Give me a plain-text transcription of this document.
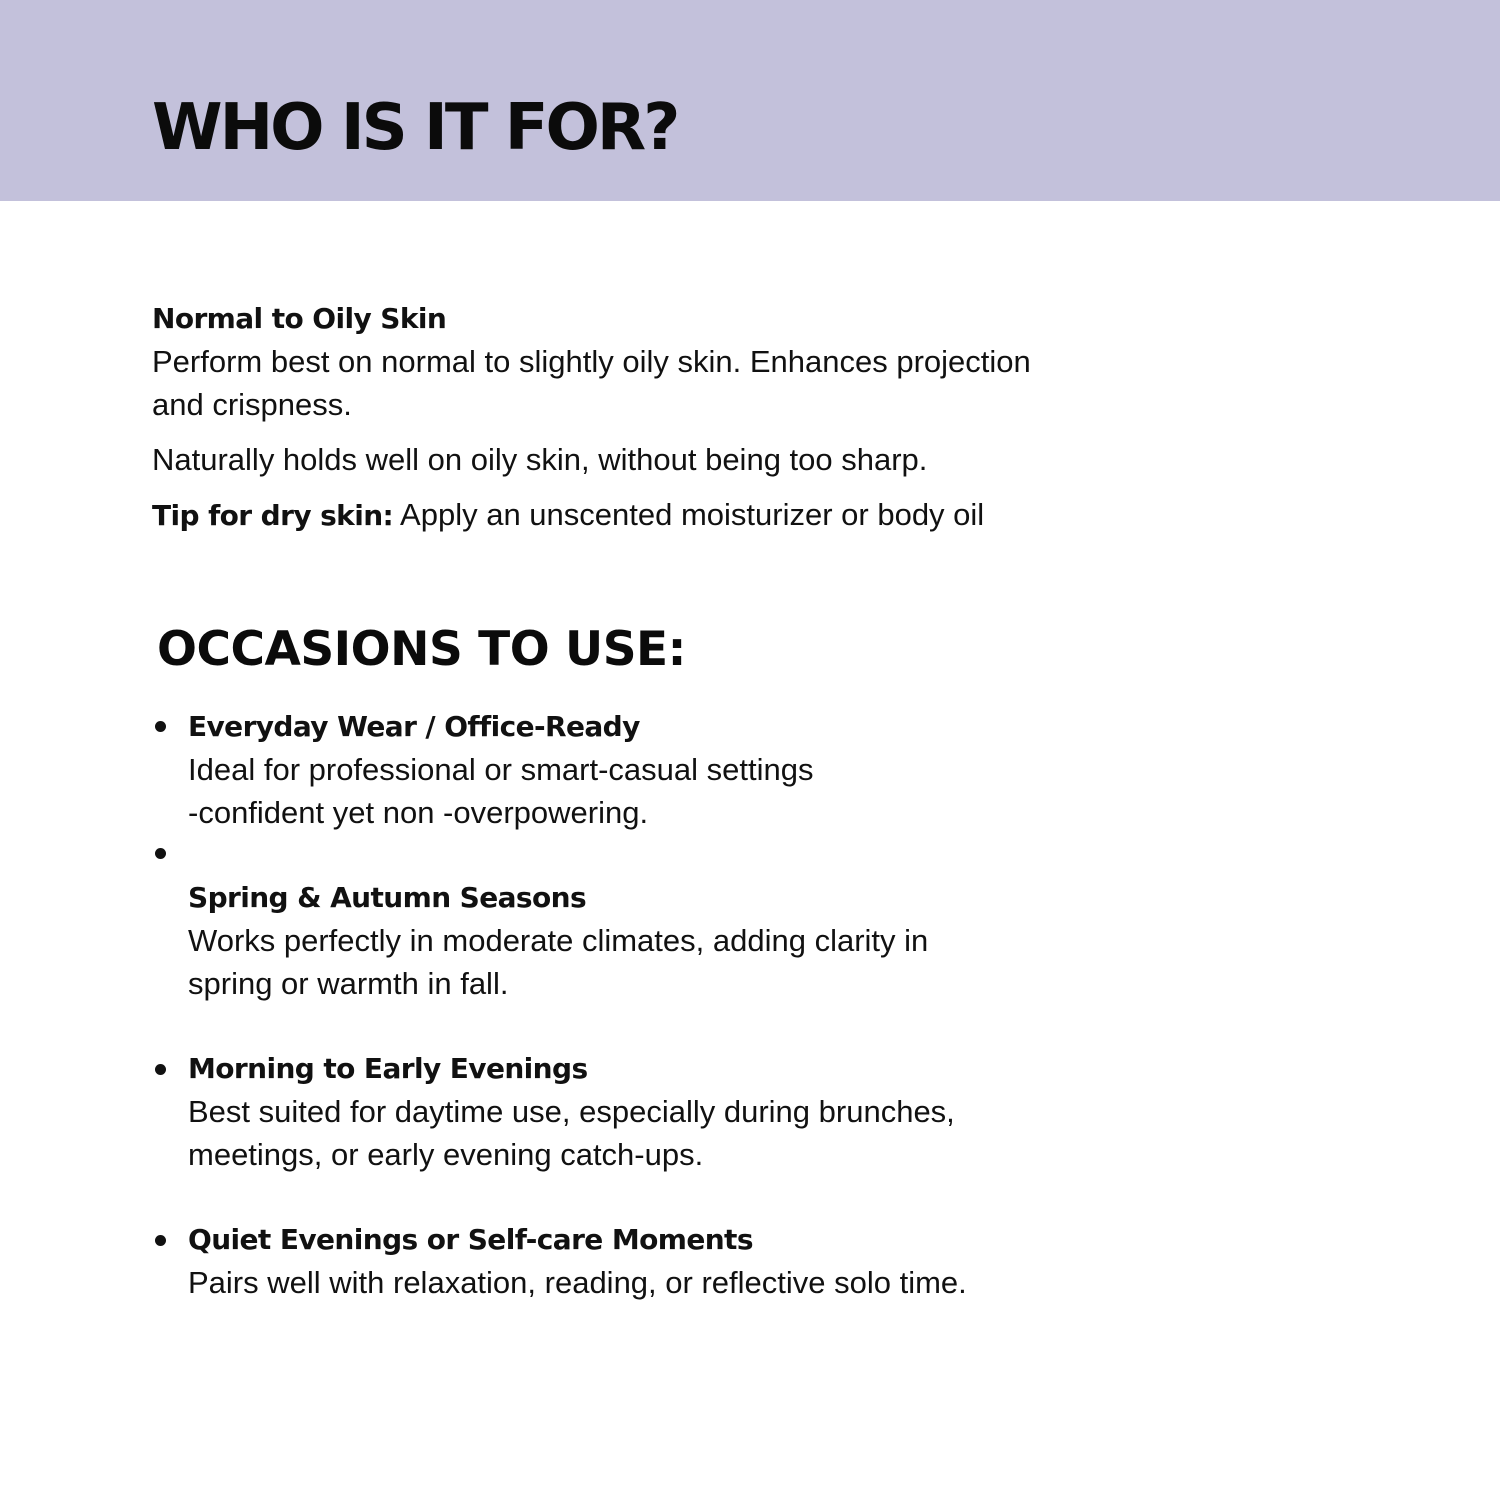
WHO IS IT FOR?

Normal to Oily Skin

Perform best on normal to slightly oily skin. Enhances projection

and crispness.

Naturally holds well on oily skin, without being too sharp.

Tip for dry skin: Apply an unscented moisturizer or body oil

OCCASIONS TO USE:

Everyday Wear / Office-Ready

Ideal for professional or smart-casual settings

-confident yet non -overpowering.

Spring & Autumn Seasons

Works perfectly in moderate climates, adding clarity in

spring or warmth in fall.

Morning to Early Evenings

Best suited for daytime use, especially during brunches,

meetings, or early evening catch-ups.

Quiet Evenings or Self-care Moments

Pairs well with relaxation, reading, or reflective solo time.
